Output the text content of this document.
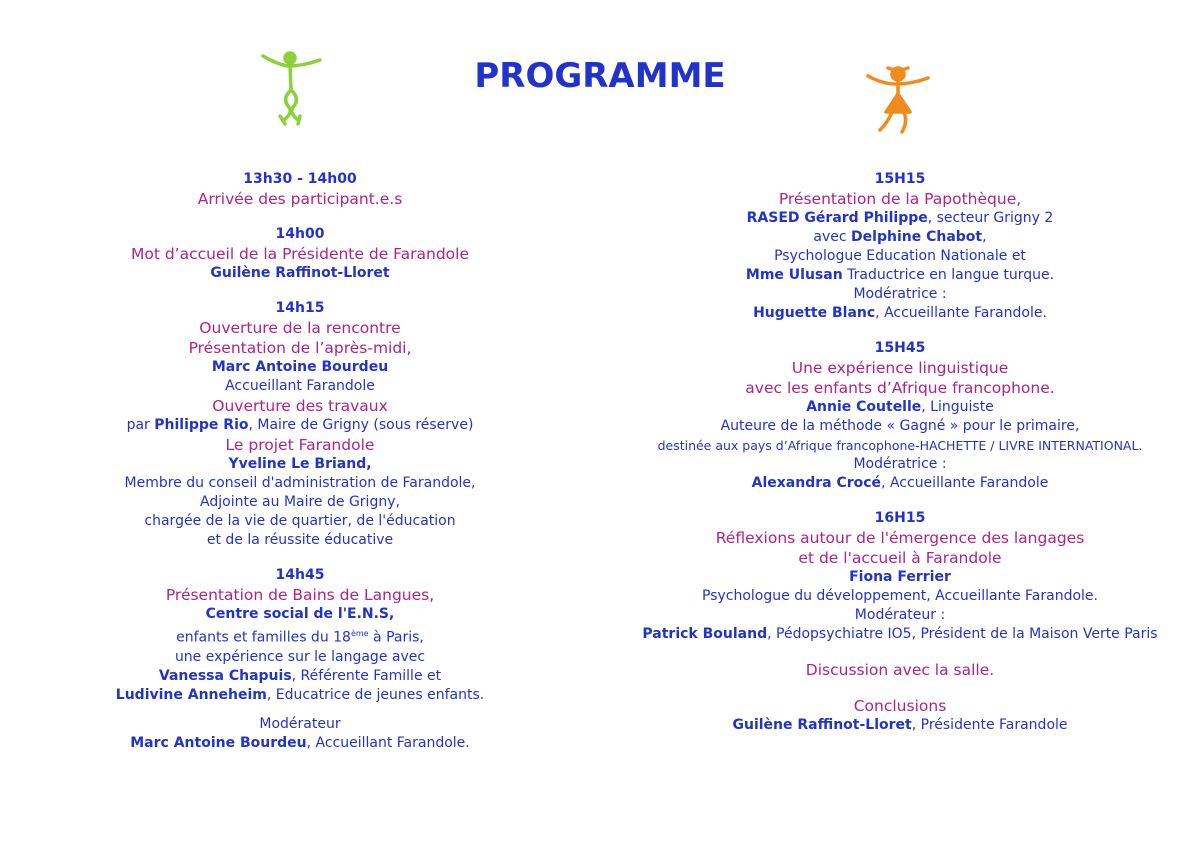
PROGRAMME
13h30 - 14h00
Arrivée des participant.e.s
14h00
Mot d’accueil de la Présidente de Farandole
Guilène Raffinot-Lloret
14h15
Ouverture de la rencontre
Présentation de l’après-midi,
Marc Antoine Bourdeu
Accueillant Farandole
Ouverture des travaux
par Philippe Rio, Maire de Grigny (sous réserve)
Le projet Farandole
Yveline Le Briand,
Membre du conseil d'administration de Farandole,
Adjointe au Maire de Grigny,
chargée de la vie de quartier, de l'éducation
et de la réussite éducative
14h45
Présentation de Bains de Langues,
Centre social de l'E.N.S,
enfants et familles du 18ème à Paris,
une expérience sur le langage avec
Vanessa Chapuis, Référente Famille et
Ludivine Anneheim, Educatrice de jeunes enfants.
Modérateur
Marc Antoine Bourdeu, Accueillant Farandole.
15H15
Présentation de la Papothèque,
RASED Gérard Philippe, secteur Grigny 2
avec Delphine Chabot,
Psychologue Education Nationale et
Mme Ulusan Traductrice en langue turque.
Modératrice :
Huguette Blanc, Accueillante Farandole.
15H45
Une expérience linguistique
avec les enfants d’Afrique francophone.
Annie Coutelle, Linguiste
Auteure de la méthode « Gagné » pour le primaire,
destinée aux pays d’Afrique francophone-HACHETTE / LIVRE INTERNATIONAL.
Modératrice :
Alexandra Crocé, Accueillante Farandole
16H15
Réflexions autour de l'émergence des langages
et de l'accueil à Farandole
Fiona Ferrier
Psychologue du développement, Accueillante Farandole.
Modérateur :
Patrick Bouland, Pédopsychiatre IO5, Président de la Maison Verte Paris
Discussion avec la salle.
Conclusions
Guilène Raffinot-Lloret, Présidente Farandole
